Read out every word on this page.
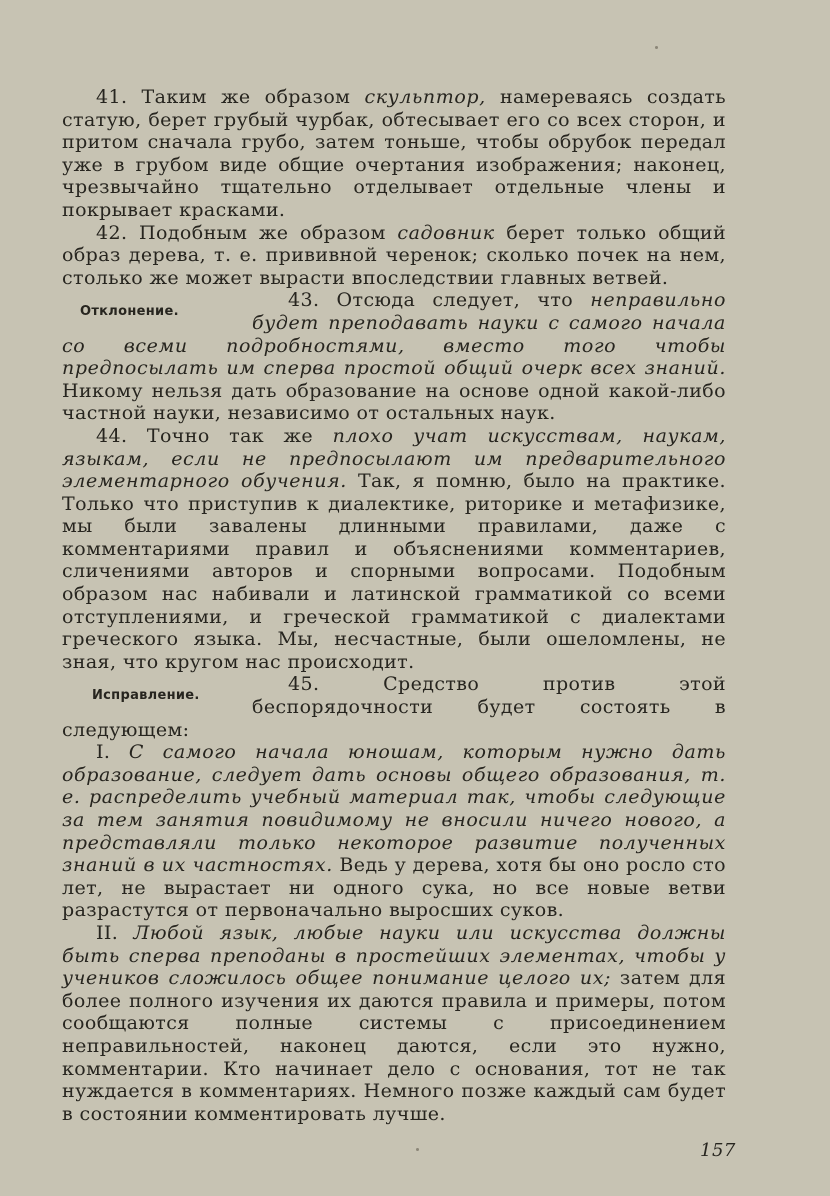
41. Таким же образом скульптор, намереваясь создать статую, берет грубый чурбак, обтесывает его со всех сторон, и притом сначала грубо, затем тоньше, чтобы обрубок передал уже в грубом виде общие очертания изображения; наконец, чрезвычайно тщательно отделывает отдельные члены и покрывает красками.

42. Подобным же образом садовник берет только общий образ дерева, т. е. прививной черенок; сколько почек на нем, столько же может вырасти впоследствии главных ветвей.

Отклонение.

43. Отсюда следует, что неправильно будет преподавать науки с самого начала со всеми подробностями, вместо того чтобы предпосылать им сперва простой общий очерк всех знаний. Никому нельзя дать образование на основе одной какой-либо частной науки, независимо от остальных наук.

44. Точно так же плохо учат искусствам, наукам, языкам, если не предпосылают им предварительного элементарного обучения. Так, я помню, было на практике. Только что приступив к диалектике, риторике и метафизике, мы были завалены длинными правилами, даже с комментариями правил и объяснениями комментариев, сличениями авторов и спорными вопросами. Подобным образом нас набивали и латинской грамматикой со всеми отступлениями, и греческой грамматикой с диалектами греческого языка. Мы, несчастные, были ошеломлены, не зная, что кругом нас происходит.

Исправление.

45. Средство против этой беспорядочности будет состоять в следующем:

I. С самого начала юношам, которым нужно дать образование, следует дать основы общего образования, т. е. распределить учебный материал так, чтобы следующие за тем занятия повидимому не вносили ничего нового, а представляли только некоторое развитие полученных знаний в их частностях. Ведь у дерева, хотя бы оно росло сто лет, не вырастает ни одного сука, но все новые ветви разрастутся от первоначально выросших суков.

II. Любой язык, любые науки или искусства должны быть сперва преподаны в простейших элементах, чтобы у учеников сложилось общее понимание целого их; затем для более полного изучения их даются правила и примеры, потом сообщаются полные системы с присоединением неправильностей, наконец даются, если это нужно, комментарии. Кто начинает дело с основания, тот не так нуждается в комментариях. Немного позже каждый сам будет в состоянии комментировать лучше.

157
